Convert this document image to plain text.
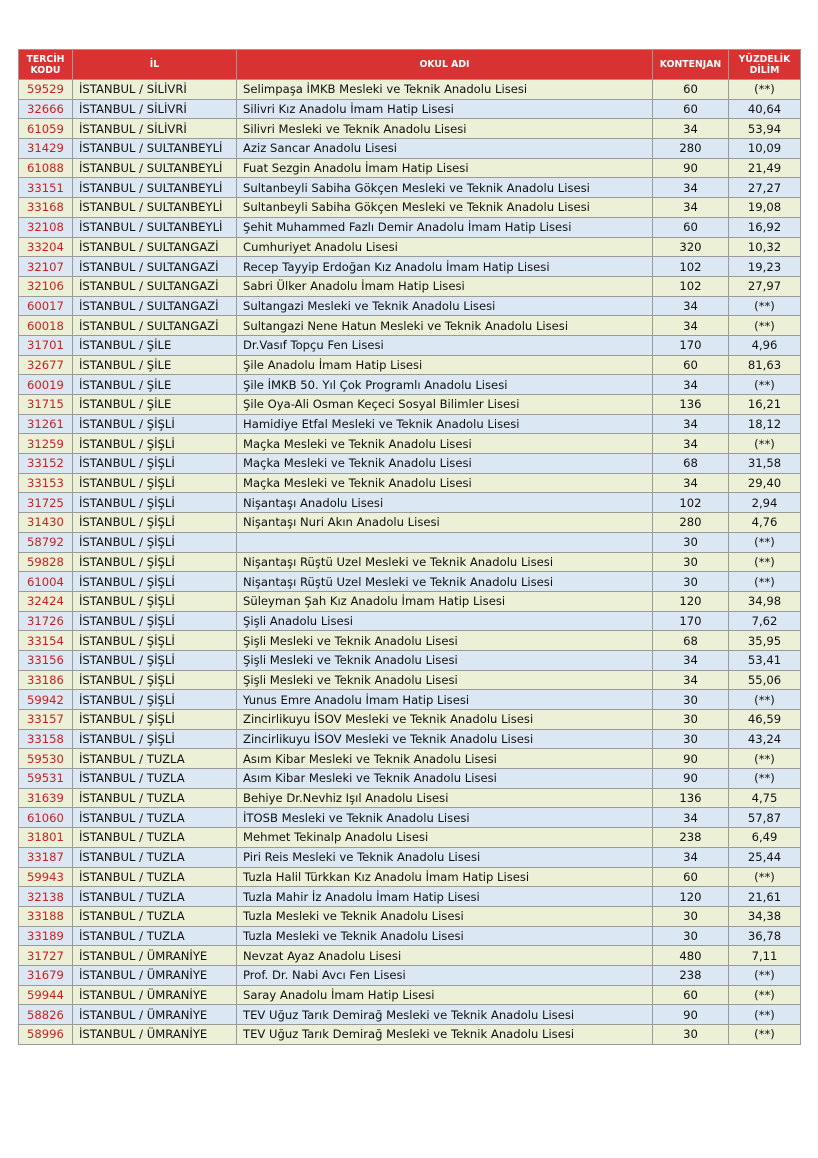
TERCİH
KODU	İL	OKUL ADI	KONTENJAN	YÜZDELİK
DİLİM

59529	İSTANBUL / SİLİVRİ	Selimpaşa İMKB Mesleki ve Teknik Anadolu Lisesi	60	(**)
32666	İSTANBUL / SİLİVRİ	Silivri Kız Anadolu İmam Hatip Lisesi	60	40,64
61059	İSTANBUL / SİLİVRİ	Silivri Mesleki ve Teknik Anadolu Lisesi	34	53,94
31429	İSTANBUL / SULTANBEYLİ	Aziz Sancar Anadolu Lisesi	280	10,09
61088	İSTANBUL / SULTANBEYLİ	Fuat Sezgin Anadolu İmam Hatip Lisesi	90	21,49
33151	İSTANBUL / SULTANBEYLİ	Sultanbeyli Sabiha Gökçen Mesleki ve Teknik Anadolu Lisesi	34	27,27
33168	İSTANBUL / SULTANBEYLİ	Sultanbeyli Sabiha Gökçen Mesleki ve Teknik Anadolu Lisesi	34	19,08
32108	İSTANBUL / SULTANBEYLİ	Şehit Muhammed Fazlı Demir Anadolu İmam Hatip Lisesi	60	16,92
33204	İSTANBUL / SULTANGAZİ	Cumhuriyet Anadolu Lisesi	320	10,32
32107	İSTANBUL / SULTANGAZİ	Recep Tayyip Erdoğan Kız Anadolu İmam Hatip Lisesi	102	19,23
32106	İSTANBUL / SULTANGAZİ	Sabri Ülker Anadolu İmam Hatip Lisesi	102	27,97
60017	İSTANBUL / SULTANGAZİ	Sultangazi Mesleki ve Teknik Anadolu Lisesi	34	(**)
60018	İSTANBUL / SULTANGAZİ	Sultangazi Nene Hatun Mesleki ve Teknik Anadolu Lisesi	34	(**)
31701	İSTANBUL / ŞİLE	Dr.Vasıf Topçu Fen Lisesi	170	4,96
32677	İSTANBUL / ŞİLE	Şile Anadolu İmam Hatip Lisesi	60	81,63
60019	İSTANBUL / ŞİLE	Şile İMKB 50. Yıl Çok Programlı Anadolu Lisesi	34	(**)
31715	İSTANBUL / ŞİLE	Şile Oya-Ali Osman Keçeci Sosyal Bilimler Lisesi	136	16,21
31261	İSTANBUL / ŞİŞLİ	Hamidiye Etfal Mesleki ve Teknik Anadolu Lisesi	34	18,12
31259	İSTANBUL / ŞİŞLİ	Maçka Mesleki ve Teknik Anadolu Lisesi	34	(**)
33152	İSTANBUL / ŞİŞLİ	Maçka Mesleki ve Teknik Anadolu Lisesi	68	31,58
33153	İSTANBUL / ŞİŞLİ	Maçka Mesleki ve Teknik Anadolu Lisesi	34	29,40
31725	İSTANBUL / ŞİŞLİ	Nişantaşı Anadolu Lisesi	102	2,94
31430	İSTANBUL / ŞİŞLİ	Nişantaşı Nuri Akın Anadolu Lisesi	280	4,76
58792	İSTANBUL / ŞİŞLİ		30	(**)
59828	İSTANBUL / ŞİŞLİ	Nişantaşı Rüştü Uzel Mesleki ve Teknik Anadolu Lisesi	30	(**)
61004	İSTANBUL / ŞİŞLİ	Nişantaşı Rüştü Uzel Mesleki ve Teknik Anadolu Lisesi	30	(**)
32424	İSTANBUL / ŞİŞLİ	Süleyman Şah Kız Anadolu İmam Hatip Lisesi	120	34,98
31726	İSTANBUL / ŞİŞLİ	Şişli Anadolu Lisesi	170	7,62
33154	İSTANBUL / ŞİŞLİ	Şişli Mesleki ve Teknik Anadolu Lisesi	68	35,95
33156	İSTANBUL / ŞİŞLİ	Şişli Mesleki ve Teknik Anadolu Lisesi	34	53,41
33186	İSTANBUL / ŞİŞLİ	Şişli Mesleki ve Teknik Anadolu Lisesi	34	55,06
59942	İSTANBUL / ŞİŞLİ	Yunus Emre Anadolu İmam Hatip Lisesi	30	(**)
33157	İSTANBUL / ŞİŞLİ	Zincirlikuyu İSOV Mesleki ve Teknik Anadolu Lisesi	30	46,59
33158	İSTANBUL / ŞİŞLİ	Zincirlikuyu İSOV Mesleki ve Teknik Anadolu Lisesi	30	43,24
59530	İSTANBUL / TUZLA	Asım Kibar Mesleki ve Teknik Anadolu Lisesi	90	(**)
59531	İSTANBUL / TUZLA	Asım Kibar Mesleki ve Teknik Anadolu Lisesi	90	(**)
31639	İSTANBUL / TUZLA	Behiye Dr.Nevhiz Işıl Anadolu Lisesi	136	4,75
61060	İSTANBUL / TUZLA	İTOSB Mesleki ve Teknik Anadolu Lisesi	34	57,87
31801	İSTANBUL / TUZLA	Mehmet Tekinalp Anadolu Lisesi	238	6,49
33187	İSTANBUL / TUZLA	Piri Reis Mesleki ve Teknik Anadolu Lisesi	34	25,44
59943	İSTANBUL / TUZLA	Tuzla Halil Türkkan Kız Anadolu İmam Hatip Lisesi	60	(**)
32138	İSTANBUL / TUZLA	Tuzla Mahir İz Anadolu İmam Hatip Lisesi	120	21,61
33188	İSTANBUL / TUZLA	Tuzla Mesleki ve Teknik Anadolu Lisesi	30	34,38
33189	İSTANBUL / TUZLA	Tuzla Mesleki ve Teknik Anadolu Lisesi	30	36,78
31727	İSTANBUL / ÜMRANİYE	Nevzat Ayaz Anadolu Lisesi	480	7,11
31679	İSTANBUL / ÜMRANİYE	Prof. Dr. Nabi Avcı Fen Lisesi	238	(**)
59944	İSTANBUL / ÜMRANİYE	Saray Anadolu İmam Hatip Lisesi	60	(**)
58826	İSTANBUL / ÜMRANİYE	TEV Uğuz Tarık Demirağ Mesleki ve Teknik Anadolu Lisesi	90	(**)
58996	İSTANBUL / ÜMRANİYE	TEV Uğuz Tarık Demirağ Mesleki ve Teknik Anadolu Lisesi	30	(**)
